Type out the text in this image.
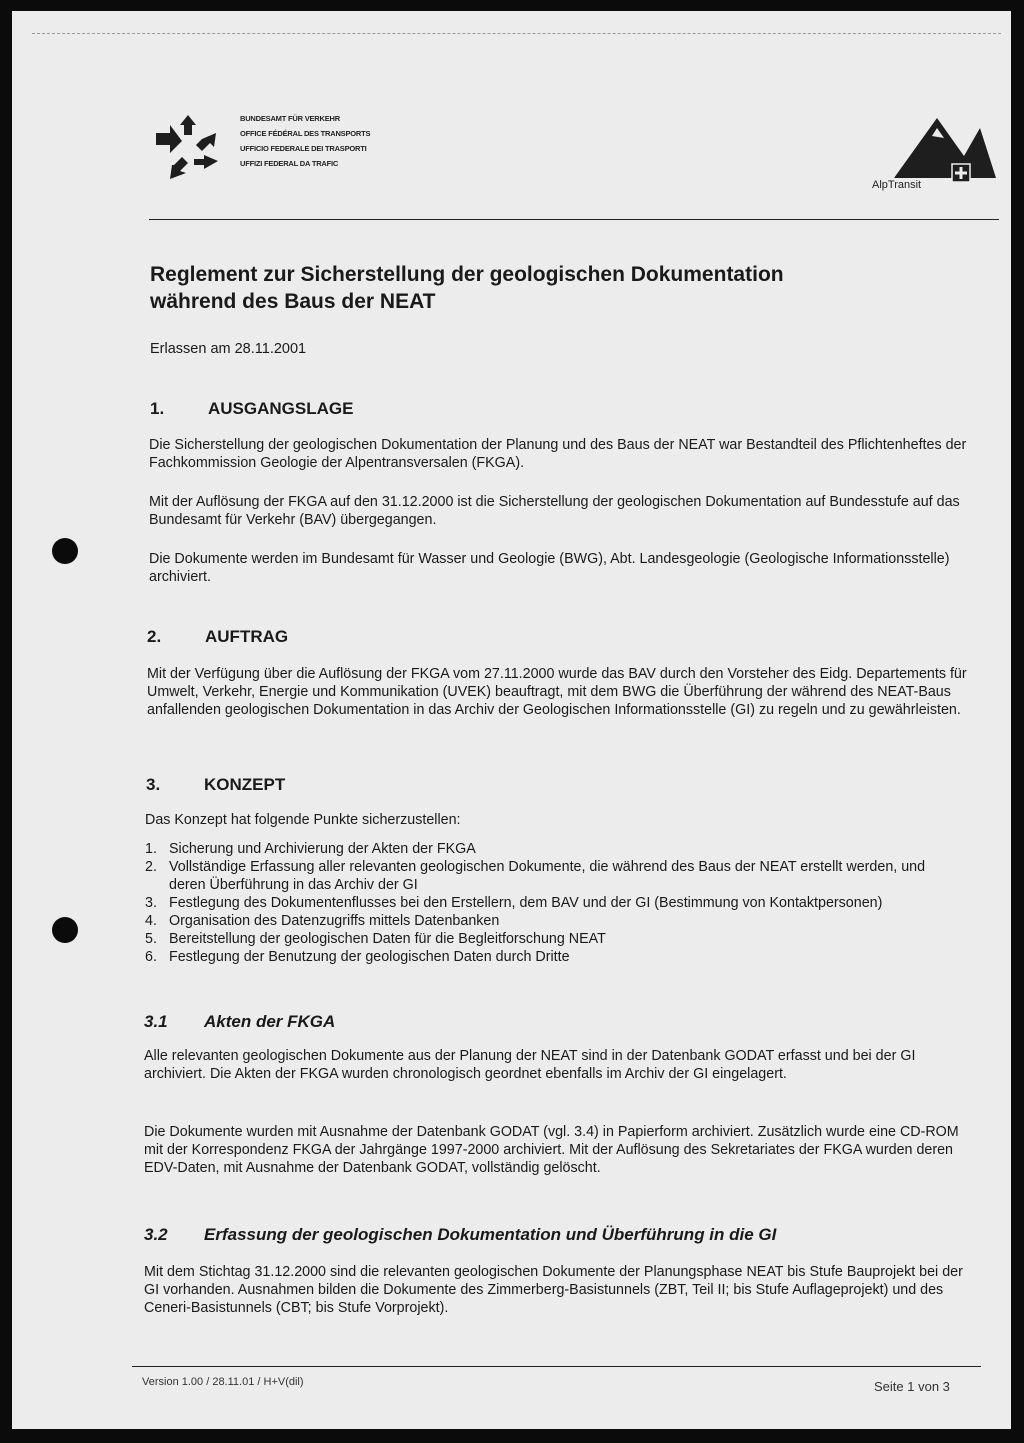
BUNDESAMT FÜR VERKEHR
OFFICE FÉDÉRAL DES TRANSPORTS
UFFICIO FEDERALE DEI TRASPORTI
UFFIZI FEDERAL DA TRAFIC
AlpTransit
Reglement zur Sicherstellung der geologischen Dokumentation
während des Baus der NEAT
Erlassen am 28.11.2001
1.	AUSGANGSLAGE

Die Sicherstellung der geologischen Dokumentation der Planung und des Baus der NEAT war Bestandteil des Pflichtenheftes der Fachkommission Geologie der Alpentransversalen (FKGA).

Mit der Auflösung der FKGA auf den 31.12.2000 ist die Sicherstellung der geologischen Dokumentation auf Bundesstufe auf das Bundesamt für Verkehr (BAV) übergegangen.

Die Dokumente werden im Bundesamt für Wasser und Geologie (BWG), Abt. Landesgeologie (Geologische Informationsstelle) archiviert.

2.	AUFTRAG

Mit der Verfügung über die Auflösung der FKGA vom 27.11.2000 wurde das BAV durch den Vorsteher des Eidg. Departements für Umwelt, Verkehr, Energie und Kommunikation (UVEK) beauftragt, mit dem BWG die Überführung der während des NEAT-Baus anfallenden geologischen Dokumentation in das Archiv der Geologischen Informationsstelle (GI) zu regeln und zu gewährleisten.

3.	KONZEPT

Das Konzept hat folgende Punkte sicherzustellen:

1. Sicherung und Archivierung der Akten der FKGA
2. Vollständige Erfassung aller relevanten geologischen Dokumente, die während des Baus der NEAT erstellt werden, und deren Überführung in das Archiv der GI
3. Festlegung des Dokumentenflusses bei den Erstellern, dem BAV und der GI (Bestimmung von Kontaktpersonen)
4. Organisation des Datenzugriffs mittels Datenbanken
5. Bereitstellung der geologischen Daten für die Begleitforschung NEAT
6. Festlegung der Benutzung der geologischen Daten durch Dritte
3.1 Akten der FKGA

Alle relevanten geologischen Dokumente aus der Planung der NEAT sind in der Datenbank GODAT erfasst und bei der GI archiviert. Die Akten der FKGA wurden chronologisch geordnet ebenfalls im Archiv der GI eingelagert.

Die Dokumente wurden mit Ausnahme der Datenbank GODAT (vgl. 3.4) in Papierform archiviert. Zusätzlich wurde eine CD-ROM mit der Korrespondenz FKGA der Jahrgänge 1997-2000 archiviert. Mit der Auflösung des Sekretariates der FKGA wurden deren EDV-Daten, mit Ausnahme der Datenbank GODAT, vollständig gelöscht.

3.2 Erfassung der geologischen Dokumentation und Überführung in die GI

Mit dem Stichtag 31.12.2000 sind die relevanten geologischen Dokumente der Planungsphase NEAT bis Stufe Bauprojekt bei der GI vorhanden. Ausnahmen bilden die Dokumente des Zimmerberg-Basistunnels (ZBT, Teil II; bis Stufe Auflageprojekt) und des Ceneri-Basistunnels (CBT; bis Stufe Vorprojekt).

Version 1.00 / 28.11.01 / H+V(dil)	Seite 1 von 3
